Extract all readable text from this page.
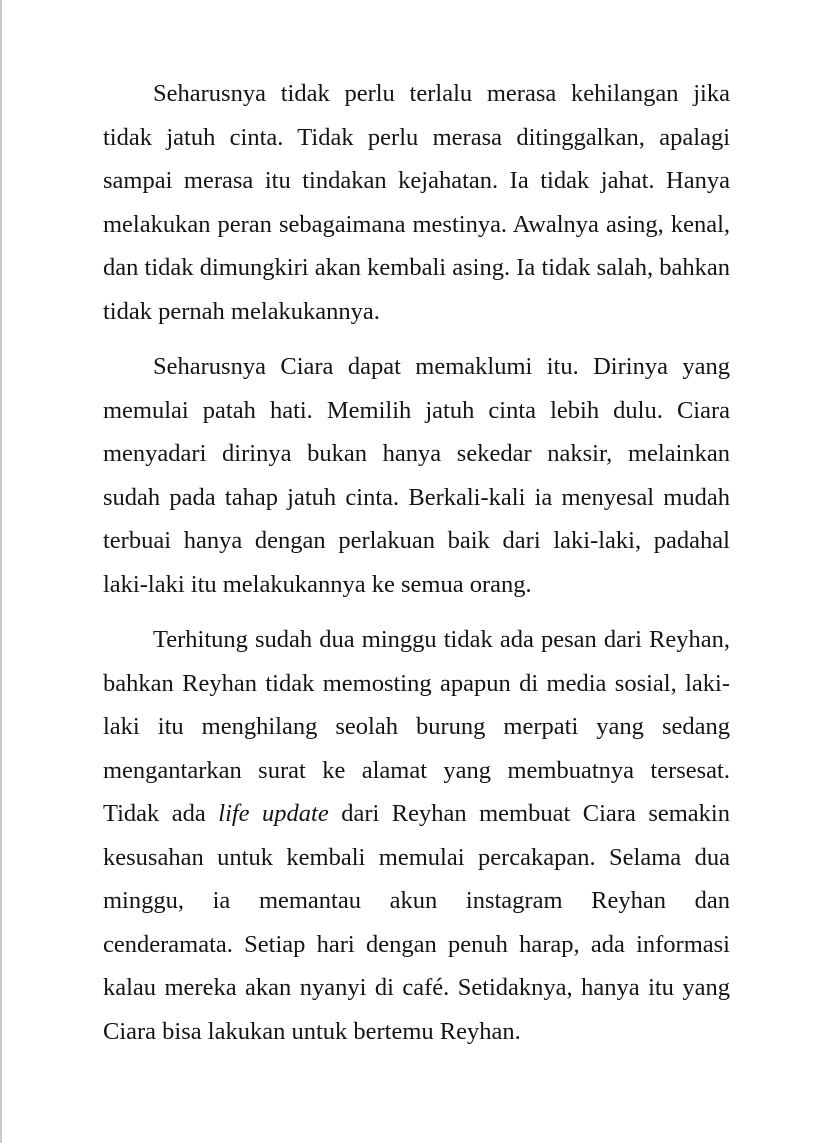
Seharusnya tidak perlu terlalu merasa kehilangan jika tidak jatuh cinta. Tidak perlu merasa ditinggalkan, apalagi sampai merasa itu tindakan kejahatan. Ia tidak jahat. Hanya melakukan peran sebagaimana mestinya. Awalnya asing, kenal, dan tidak dimungkiri akan kembali asing. Ia tidak salah, bahkan tidak pernah melakukannya.

Seharusnya Ciara dapat memaklumi itu. Dirinya yang memulai patah hati. Memilih jatuh cinta lebih dulu. Ciara menyadari dirinya bukan hanya sekedar naksir, melainkan sudah pada tahap jatuh cinta. Berkali-kali ia menyesal mudah terbuai hanya dengan perlakuan baik dari laki-laki, padahal laki-laki itu melakukannya ke semua orang.

Terhitung sudah dua minggu tidak ada pesan dari Reyhan, bahkan Reyhan tidak memosting apapun di media sosial, laki-laki itu menghilang seolah burung merpati yang sedang mengantarkan surat ke alamat yang membuatnya tersesat. Tidak ada life update dari Reyhan membuat Ciara semakin kesusahan untuk kembali memulai percakapan. Selama dua minggu, ia memantau akun instagram Reyhan dan cenderamata. Setiap hari dengan penuh harap, ada informasi kalau mereka akan nyanyi di café. Setidaknya, hanya itu yang Ciara bisa lakukan untuk bertemu Reyhan.
